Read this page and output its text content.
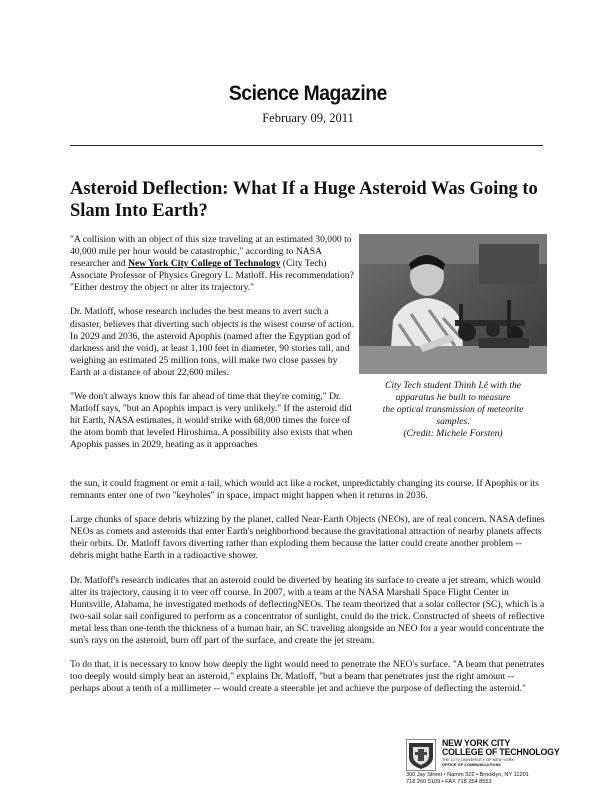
Science Magazine
February 09, 2011
Asteroid Deflection: What If a Huge Asteroid Was Going to
Slam Into Earth?

"A collision with an object of this size traveling at an estimated 30,000 to 40,000 mile per hour would be catastrophic," according to NASA researcher and New York City College of Technology (City Tech) Associate Professor of Physics Gregory L. Matloff. His recommendation? "Either destroy the object or alter its trajectory."

Dr. Matloff, whose research includes the best means to avert such a disaster, believes that diverting such objects is the wisest course of action. In 2029 and 2036, the asteroid Apophis (named after the Egyptian god of darkness and the void), at least 1,100 feet in diameter, 90 stories tall, and weighing an estimated 25 million tons, will make two close passes by Earth at a distance of about 22,600 miles.

"We don't always know this far ahead of time that they're coming," Dr. Matloff says, "but an Apophis impact is very unlikely." If the asteroid did hit Earth, NASA estimates, it would strike with 68,000 times the force of the atom bomb that leveled Hiroshima. A possibility also exists that when Apophis passes in 2029, heating as it approaches

City Tech student Thinh Lê with the
apparatus he built to measure
the optical transmission of meteorite
samples.
(Credit: Michele Forsten)

the sun, it could fragment or emit a tail, which would act like a rocket, unpredictably changing its course. If Apophis or its remnants enter one of two "keyholes" in space, impact might happen when it returns in 2036.

Large chunks of space debris whizzing by the planet, called Near-Earth Objects (NEOs), are of real concern. NASA defines NEOs as comets and asteroids that enter Earth's neighborhood because the gravitational attraction of nearby planets affects their orbits. Dr. Matloff favors diverting rather than exploding them because the latter could create another problem -- debris might bathe Earth in a radioactive shower.

Dr. Matloff's research indicates that an asteroid could be diverted by heating its surface to create a jet stream, which would alter its trajectory, causing it to veer off course. In 2007, with a team at the NASA Marshall Space Flight Center in Huntsville, Alabama, he investigated methods of deflectingNEOs. The team theorized that a solar collector (SC), which is a two-sail solar sail configured to perform as a concentrator of sunlight, could do the trick. Constructed of sheets of reflective metal less than one-tenth the thickness of a human hair, an SC traveling alongside an NEO for a year would concentrate the sun's rays on the asteroid, burn off part of the surface, and create the jet stream.

To do that, it is necessary to know how deeply the light would need to penetrate the NEO's surface. "A beam that penetrates too deeply would simply heat an asteroid," explains Dr. Matloff, "but a beam that penetrates just the right amount -- perhaps about a tenth of a millimeter -- would create a steerable jet and achieve the purpose of deflecting the asteroid."

NEW YORK CITY
COLLEGE OF TECHNOLOGY
THE CITY UNIVERSITY OF NEW YORK
OFFICE OF COMMUNICATIONS
300 Jay Street • Namm 322 • Brooklyn, NY 11201
718 260 5109 • FAX 718 254 8553
